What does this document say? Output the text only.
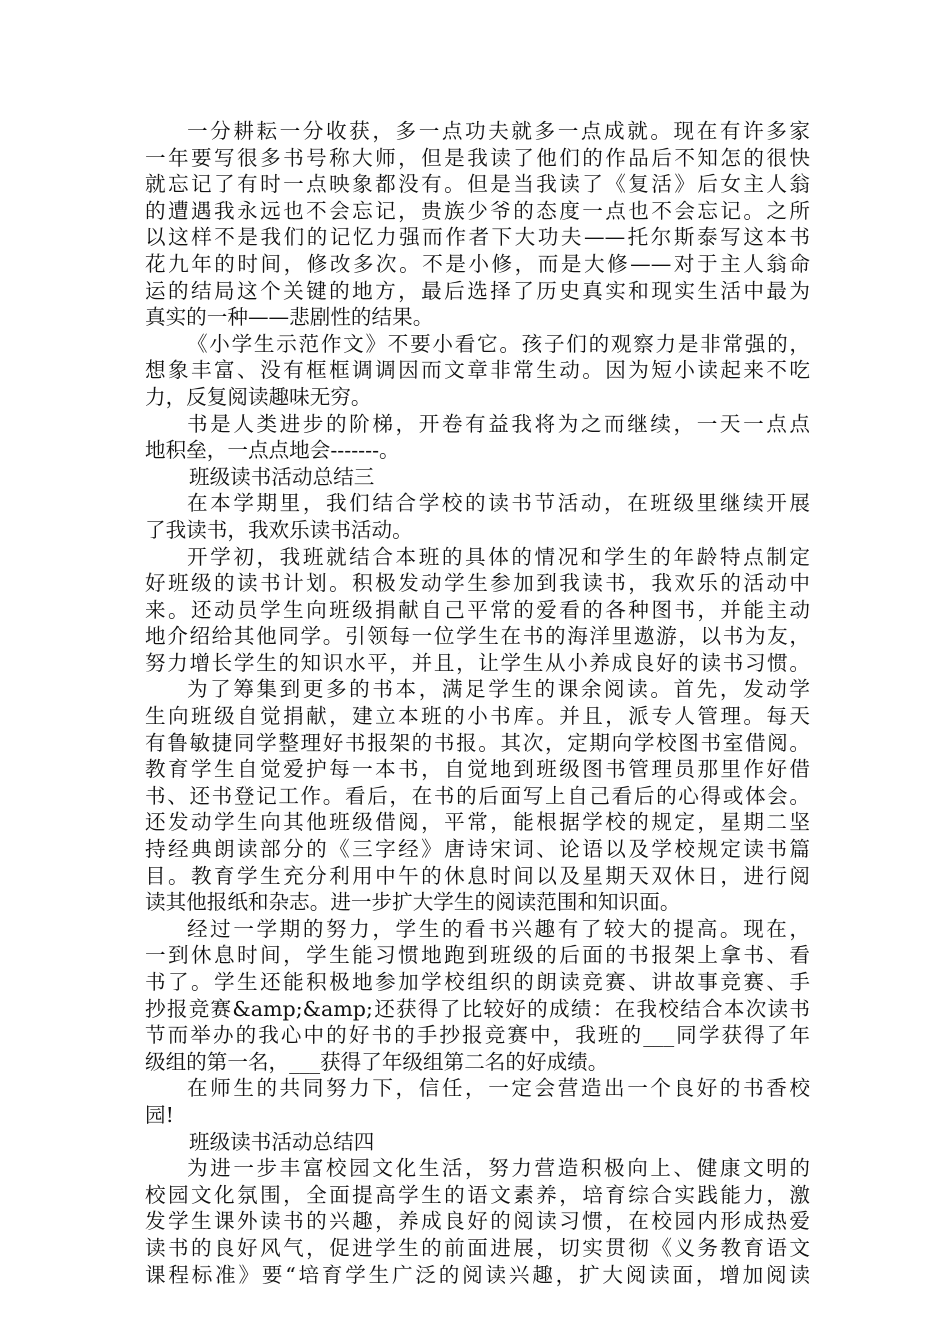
一分耕耘一分收获，多一点功夫就多一点成就。现在有许多家
一年要写很多书号称大师，但是我读了他们的作品后不知怎的很快
就忘记了有时一点映象都没有。但是当我读了《复活》后女主人翁
的遭遇我永远也不会忘记，贵族少爷的态度一点也不会忘记。之所
以这样不是我们的记忆力强而作者下大功夫——托尔斯泰写这本书
花九年的时间，修改多次。不是小修，而是大修——对于主人翁命
运的结局这个关键的地方，最后选择了历史真实和现实生活中最为
真实的一种——悲剧性的结果。
《小学生示范作文》不要小看它。孩子们的观察力是非常强的，
想象丰富、没有框框调调因而文章非常生动。因为短小读起来不吃
力，反复阅读趣味无穷。
书是人类进步的阶梯，开卷有益我将为之而继续，一天一点点
地积垒，一点点地会-------。
班级读书活动总结三
在本学期里，我们结合学校的读书节活动，在班级里继续开展
了我读书，我欢乐读书活动。
开学初，我班就结合本班的具体的情况和学生的年龄特点制定
好班级的读书计划。积极发动学生参加到我读书，我欢乐的活动中
来。还动员学生向班级捐献自己平常的爱看的各种图书，并能主动
地介绍给其他同学。引领每一位学生在书的海洋里遨游，以书为友，
努力增长学生的知识水平，并且，让学生从小养成良好的读书习惯。
为了筹集到更多的书本，满足学生的课余阅读。首先，发动学
生向班级自觉捐献，建立本班的小书库。并且，派专人管理。每天
有鲁敏捷同学整理好书报架的书报。其次，定期向学校图书室借阅。
教育学生自觉爱护每一本书，自觉地到班级图书管理员那里作好借
书、还书登记工作。看后，在书的后面写上自己看后的心得或体会。
还发动学生向其他班级借阅，平常，能根据学校的规定，星期二坚
持经典朗读部分的《三字经》唐诗宋词、论语以及学校规定读书篇
目。教育学生充分利用中午的休息时间以及星期天双休日，进行阅
读其他报纸和杂志。进一步扩大学生的阅读范围和知识面。
经过一学期的努力，学生的看书兴趣有了较大的提高。现在，
一到休息时间，学生能习惯地跑到班级的后面的书报架上拿书、看
书了。学生还能积极地参加学校组织的朗读竞赛、讲故事竞赛、手
抄报竞赛&amp;&amp;还获得了比较好的成绩：在我校结合本次读书
节而举办的我心中的好书的手抄报竞赛中，我班的___同学获得了年
级组的第一名，___获得了年级组第二名的好成绩。
在师生的共同努力下，信任，一定会营造出一个良好的书香校
园!
班级读书活动总结四
为进一步丰富校园文化生活，努力营造积极向上、健康文明的
校园文化氛围，全面提高学生的语文素养，培育综合实践能力，激
发学生课外读书的兴趣，养成良好的阅读习惯，在校园内形成热爱
读书的良好风气，促进学生的前面进展，切实贯彻《义务教育语文
课程标准》要“培育学生广泛的阅读兴趣，扩大阅读面，增加阅读
